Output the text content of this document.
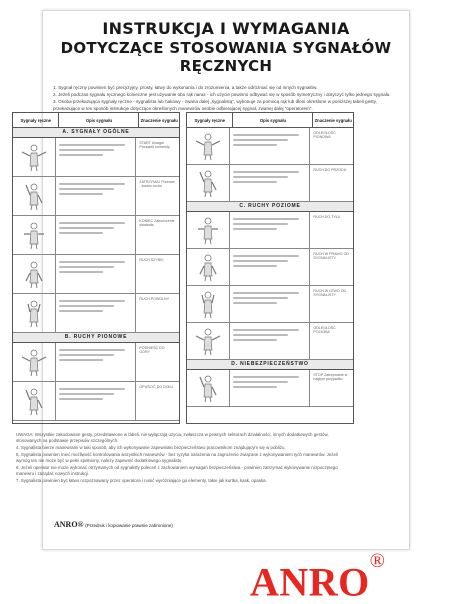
INSTRUKCJA I WYMAGANIA
DOTYCZĄCE STOSOWANIA SYGNAŁÓW RĘCZNYCH

1. Sygnał ręczny powinien być precyzyjny, prosty, łatwy do wykonania i do zrozumienia, a także odróżniać się od innych sygnałów.

2. Jeżeli podczas sygnału ręcznego konieczne jest używanie obu rąk naraz - ich użycie powinno odbywać się w sposób symetryczny i dotyczyć tylko jednego sygnału.

3. Osoba przekazująca sygnały ręczne - sygnalista lub hakowy - zwana dalej „sygnalistą”, wykonuje za pomocą rąk lub dłoni określone w poniższej tabeli gesty, przekazujące w ten sposób instrukcje dotyczące określonych manewrów osobie odbierającej sygnał, zwanej dalej “operatorem”.

Sygnały ręczne	Opis sygnału	Znaczenie sygnału
A. SYGNAŁY OGÓLNE
START Uwaga! Początek komendy
ZATRZYMAJ Przerwa - koniec ruchu
KONIEC Zakończenie działania
RUCH SZYBKI
RUCH POWOLNY
B. RUCHY PIONOWE
PODNIEŚĆ DO GÓRY
OPUŚCIĆ DO DOŁU
Sygnały ręczne	Opis sygnału	Znaczenie sygnału
ODLEGŁOŚĆ PIONOWA
RUCH DO PRZODU
C. RUCHY POZIOME
RUCH DO TYŁU
RUCH W PRAWO OD SYGNALISTY
RUCH W LEWO OD SYGNALISTY
ODLEGŁOŚĆ POZIOMA
D. NIEBEZPIECZEŃSTWO
STOP Zatrzymanie w nagłym przypadku

UWAGA: Wszystkie zakodowane gesty, przedstawione w tabeli, nie wyłączają użycia, zwłaszcza w pewnych sektorach działalności, innych dodatkowych gestów, stosowanych na podstawie przepisów szczególnych.

4. Sygnalista bierze manewrami w taki sposób, aby ich wykonywanie zapewniało bezpieczeństwo pracownikom znajdującym się w pobliżu.

5. Sygnalista powinien mieć możliwość kontrolowania wszystkich manewrów - bez ryzyka narażenia na zagrożenie związane z wykonywaniem tych manewrów. Jeżeli wymóg ten nie może być w pełni spełniony, należy zapewnić dodatkowego sygnalistę.

6. Jeżeli operator nie może wykonać otrzymanych od sygnalisty poleceń z zachowaniem wymagań bezpieczeństwa - powinien zatrzymać wykonywanie rozpoczętego manewru i zażądać nowych instrukcji.

7. Sygnalista powinien być łatwo rozpoznawany przez operatora i nosić wyróżniające go elementy, takie jak kurtka, kask, opaska.

ANRO® (Przedruk i kopiowanie prawnie zabronione)
ANRO®
